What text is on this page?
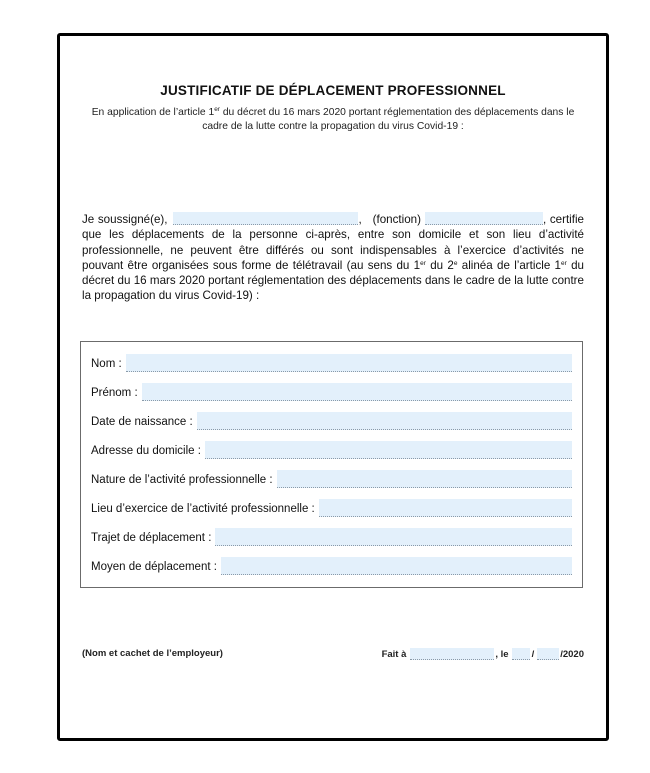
JUSTIFICATIF DE DÉPLACEMENT PROFESSIONNEL
En application de l’article 1er du décret du 16 mars 2020 portant réglementation des déplacements dans le cadre de la lutte contre la propagation du virus Covid-19 :
Je soussigné(e),	, (fonction)	, certifie que les déplacements de la personne ci-après, entre son domicile et son lieu d’activité professionnelle, ne peuvent être différés ou sont indispensables à l’exercice d’activités ne pouvant être organisées sous forme de télétravail (au sens du 1er du 2e alinéa de l’article 1er du décret du 16 mars 2020 portant réglementation des déplacements dans le cadre de la lutte contre la propagation du virus Covid-19) :
Nom :
Prénom :
Date de naissance :
Adresse du domicile :
Nature de l’activité professionnelle :
Lieu d’exercice de l’activité professionnelle :
Trajet de déplacement :
Moyen de déplacement :
(Nom et cachet de l’employeur)	Fait à	, le /	/2020
